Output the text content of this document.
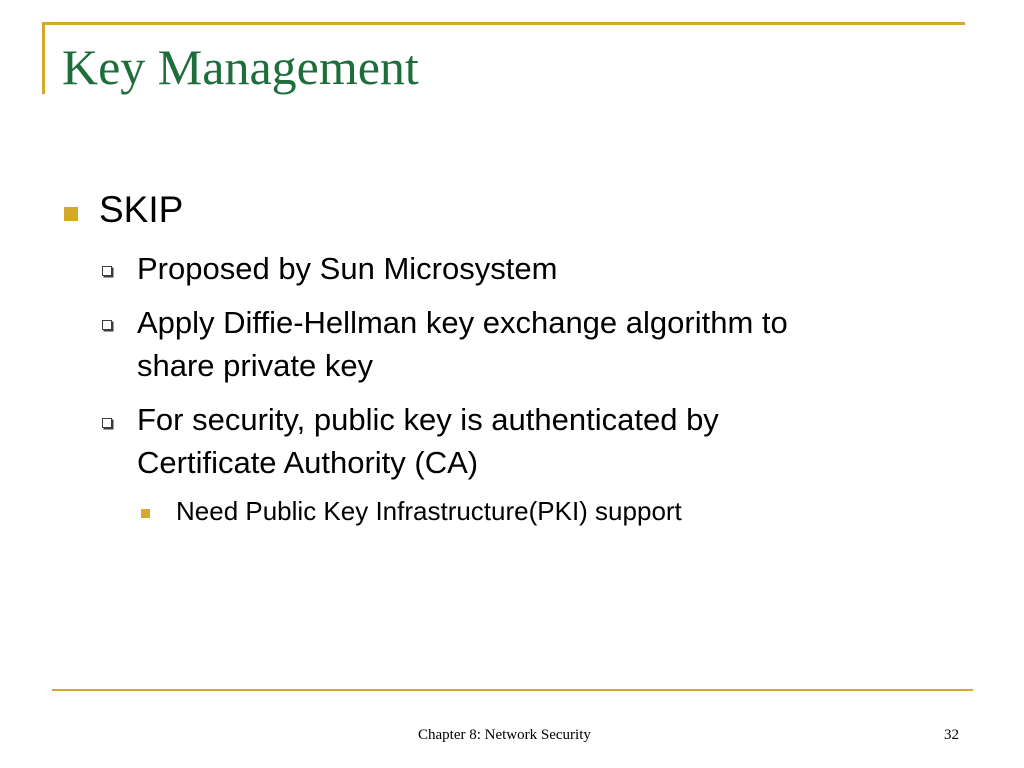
Key Management
SKIP
Proposed by Sun Microsystem
Apply Diffie-Hellman key exchange algorithm to
share private key
For security, public key is authenticated by
Certificate Authority (CA)
Need Public Key Infrastructure(PKI) support
Chapter 8: Network Security	32
